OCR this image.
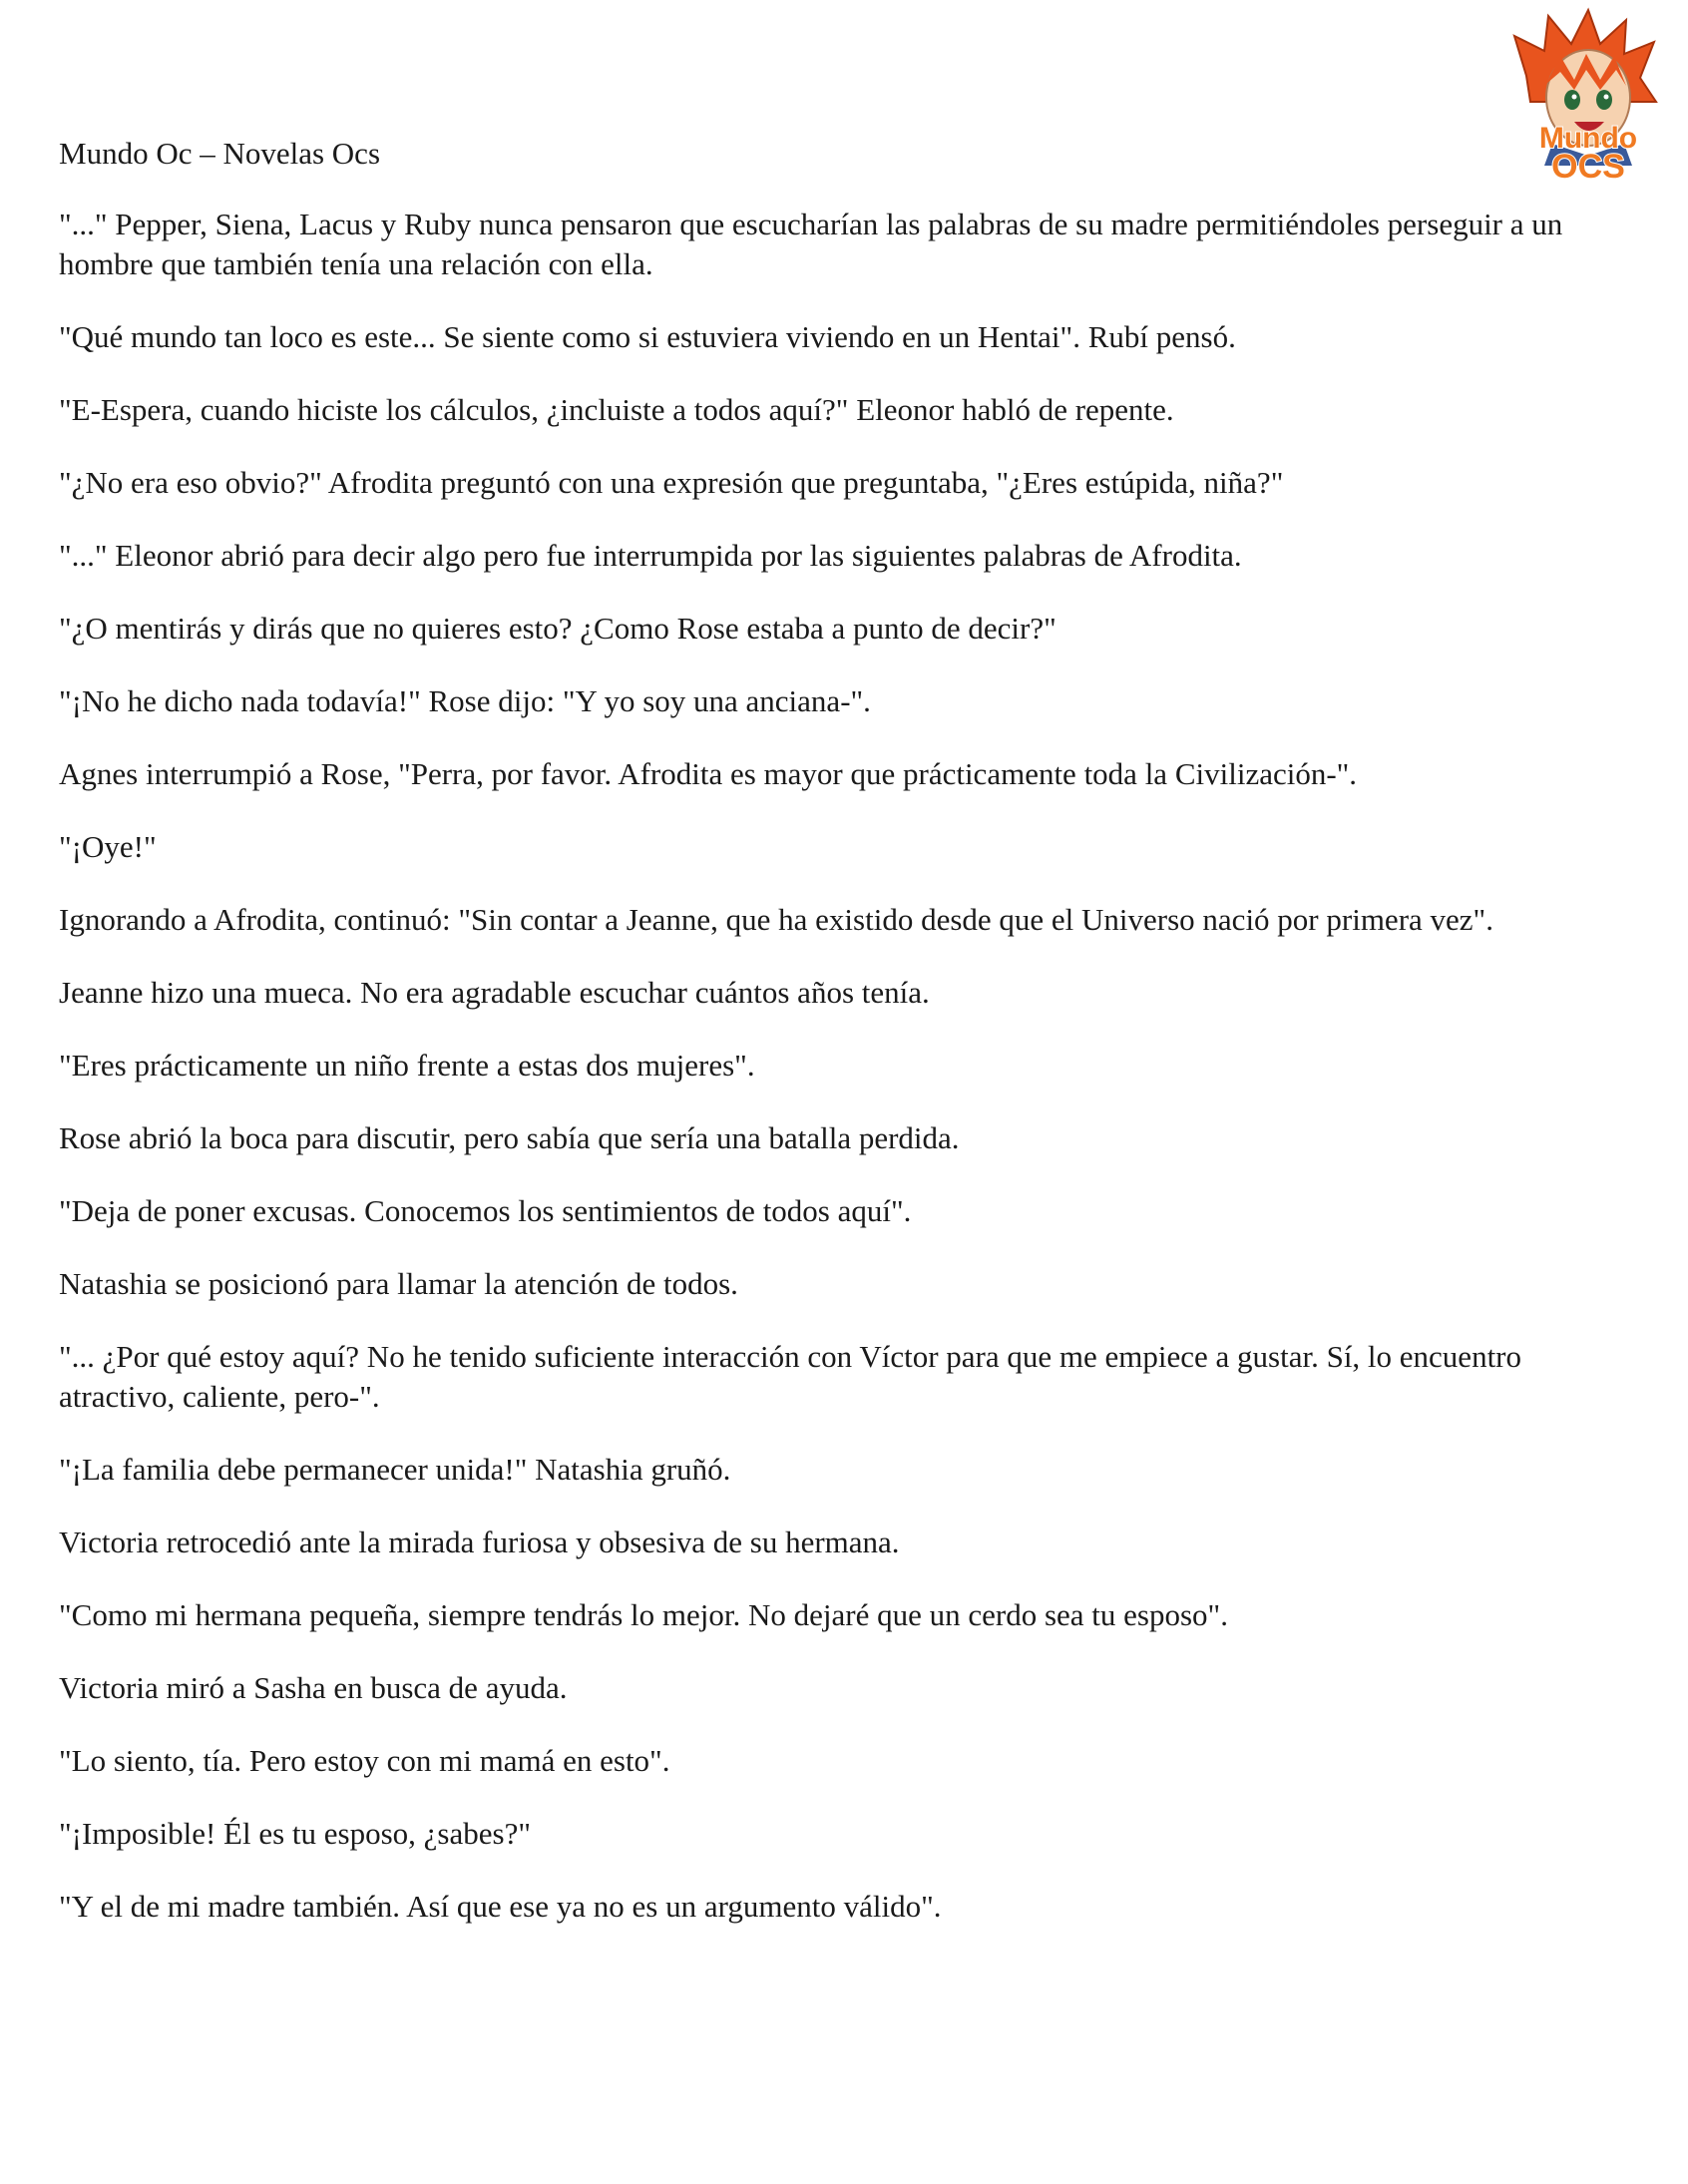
Mundo
OCS
Mundo Oc – Novelas Ocs

"..." Pepper, Siena, Lacus y Ruby nunca pensaron que escucharían las palabras de su madre permitiéndoles perseguir a un hombre que también tenía una relación con ella.

"Qué mundo tan loco es este... Se siente como si estuviera viviendo en un Hentai". Rubí pensó.

"E-Espera, cuando hiciste los cálculos, ¿incluiste a todos aquí?" Eleonor habló de repente.

"¿No era eso obvio?" Afrodita preguntó con una expresión que preguntaba, "¿Eres estúpida, niña?"

"..." Eleonor abrió para decir algo pero fue interrumpida por las siguientes palabras de Afrodita.

"¿O mentirás y dirás que no quieres esto? ¿Como Rose estaba a punto de decir?"

"¡No he dicho nada todavía!" Rose dijo: "Y yo soy una anciana-".

Agnes interrumpió a Rose, "Perra, por favor. Afrodita es mayor que prácticamente toda la Civilización-".

"¡Oye!"

Ignorando a Afrodita, continuó: "Sin contar a Jeanne, que ha existido desde que el Universo nació por primera vez".

Jeanne hizo una mueca. No era agradable escuchar cuántos años tenía.

"Eres prácticamente un niño frente a estas dos mujeres".

Rose abrió la boca para discutir, pero sabía que sería una batalla perdida.

"Deja de poner excusas. Conocemos los sentimientos de todos aquí".

Natashia se posicionó para llamar la atención de todos.

"... ¿Por qué estoy aquí? No he tenido suficiente interacción con Víctor para que me empiece a gustar. Sí, lo encuentro atractivo, caliente, pero-".

"¡La familia debe permanecer unida!" Natashia gruñó.

Victoria retrocedió ante la mirada furiosa y obsesiva de su hermana.

"Como mi hermana pequeña, siempre tendrás lo mejor. No dejaré que un cerdo sea tu esposo".

Victoria miró a Sasha en busca de ayuda.

"Lo siento, tía. Pero estoy con mi mamá en esto".

"¡Imposible! Él es tu esposo, ¿sabes?"

"Y el de mi madre también. Así que ese ya no es un argumento válido".
